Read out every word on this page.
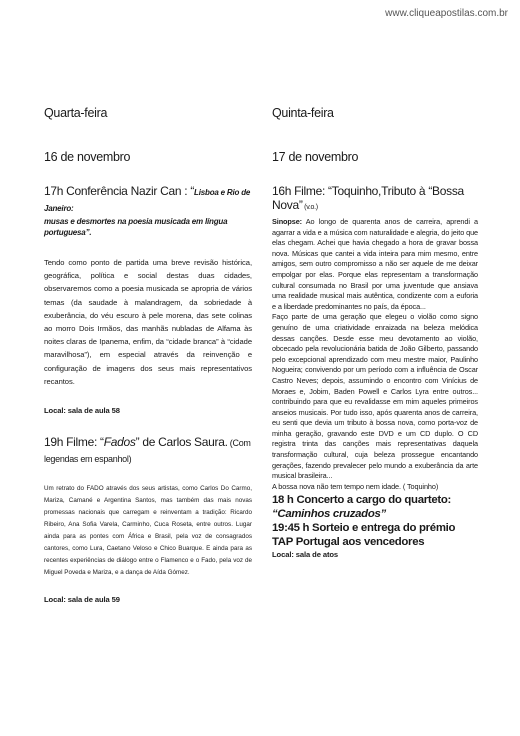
www.cliqueapostilas.com.br

Quarta-feira

16 de novembro

17h Conferência Nazir Can : “Lisboa e Rio de Janeiro:

musas e desmortes na poesia musicada em língua portuguesa”.

Tendo como ponto de partida uma breve revisão histórica, geográfica, política e social destas duas cidades, observaremos como a poesia musicada se apropria de vários temas (da saudade à malandragem, da sobriedade à exuberância, do véu escuro à pele morena, das sete colinas ao morro Dois Irmãos, das manhãs nubladas de Alfama às noites claras de Ipanema, enfim, da “cidade branca” à “cidade maravilhosa”), em especial através da reinvenção e configuração de imagens dos seus mais representativos recantos.

Local: sala de aula 58

19h Filme: “Fados” de Carlos Saura. (Com legendas em espanhol)

Um retrato do FADO através dos seus artistas, como Carlos Do Carmo, Mariza, Camané e Argentina Santos, mas também das mais novas promessas nacionais que carregam e reinventam a tradição: Ricardo Ribeiro, Ana Sofia Varela, Carminho, Cuca Roseta, entre outros. Lugar ainda para as pontes com África e Brasil, pela voz de consagrados cantores, como Lura, Caetano Veloso e Chico Buarque. E ainda para as recentes experiências de diálogo entre o Flamenco e o Fado, pela voz de Miguel Poveda e Mariza, e a dança de Aída Gómez.

Local: sala de aula 59

Quinta-feira

17 de novembro

16h Filme: “Toquinho,Tributo à “Bossa Nova” (v.o.)

Sinopse: Ao longo de quarenta anos de carreira, aprendi a agarrar a vida e a música com naturalidade e alegria, do jeito que elas chegam. Achei que havia chegado a hora de gravar bossa nova. Músicas que cantei a vida inteira para mim mesmo, entre amigos, sem outro compromisso a não ser aquele de me deixar empolgar por elas. Porque elas representam a transformação cultural consumada no Brasil por uma juventude que ansiava uma realidade musical mais autêntica, condizente com a euforia e a liberdade predominantes no país, da época...

Faço parte de uma geração que elegeu o violão como signo genuíno de uma criatividade enraizada na beleza melódica dessas canções. Desde esse meu devotamento ao violão, obcecado pela revolucionária batida de João Gilberto, passando pelo excepcional aprendizado com meu mestre maior, Paulinho Nogueira; convivendo por um período com a influência de Oscar Castro Neves; depois, assumindo o encontro com Vinícius de Moraes e, Jobim, Baden Powell e Carlos Lyra entre outros... contribuindo para que eu revalidasse em mim aqueles primeiros anseios musicais. Por tudo isso, após quarenta anos de carreira, eu senti que devia um tributo à bossa nova, como porta-voz de minha geração, gravando este DVD e um CD duplo. O CD registra trinta das canções mais representativas daquela transformação cultural, cuja beleza prossegue encantando gerações, fazendo prevalecer pelo mundo a exuberância da arte musical brasileira...

A bossa nova não tem tempo nem idade. ( Toquinho)

18 h Concerto a cargo do quarteto: “Caminhos cruzados”

19:45 h Sorteio e entrega do prémio TAP Portugal aos vencedores

Local: sala de atos
